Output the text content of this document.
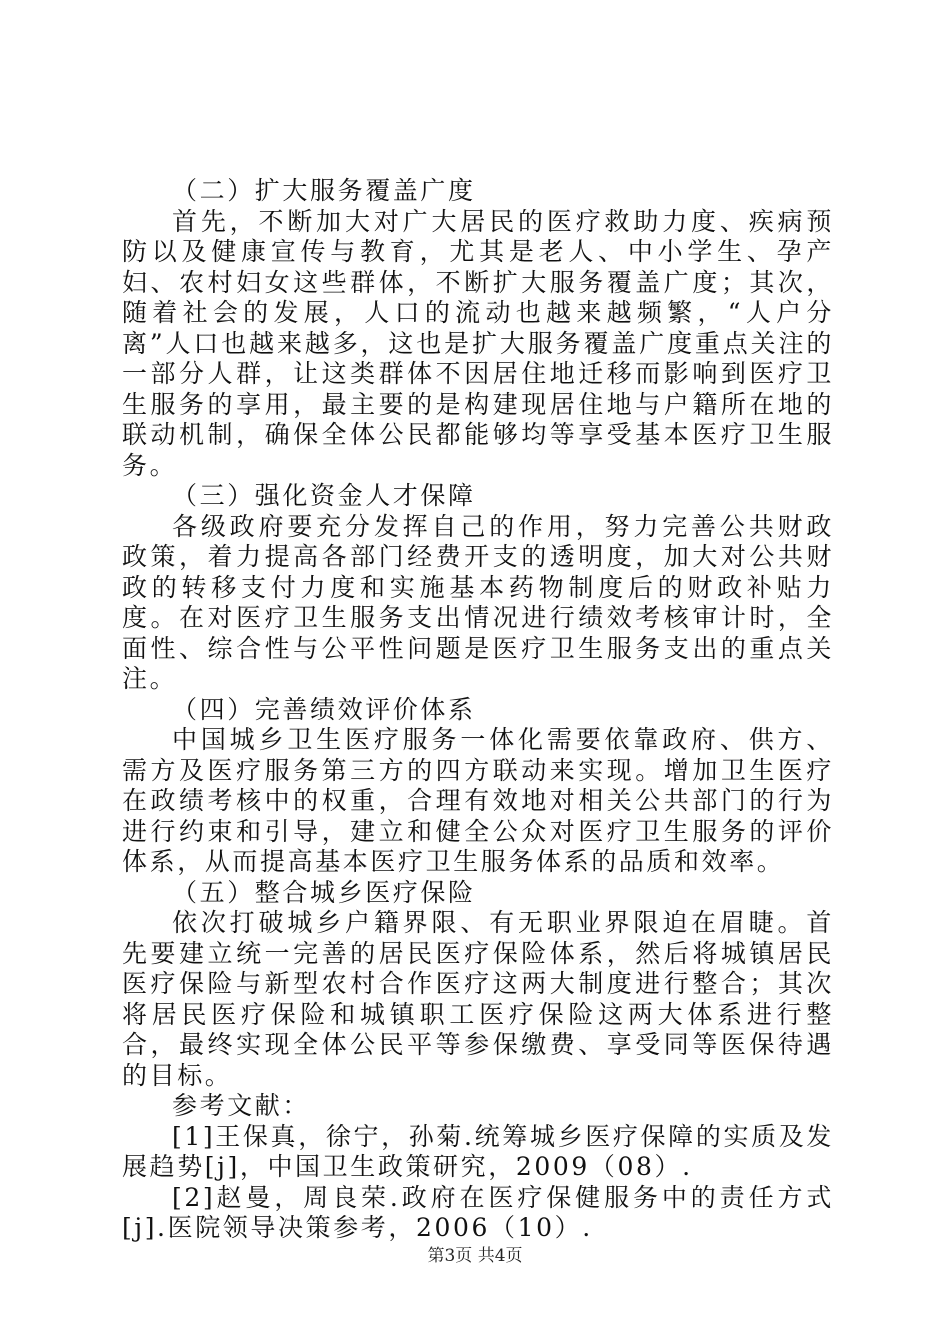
（二）扩大服务覆盖广度

首先，不断加大对广大居民的医疗救助力度、疾病预防以及健康宣传与教育，尤其是老人、中小学生、孕产妇、农村妇女这些群体，不断扩大服务覆盖广度；其次，随着社会的发展，人口的流动也越来越频繁，“人户分离”人口也越来越多，这也是扩大服务覆盖广度重点关注的一部分人群，让这类群体不因居住地迁移而影响到医疗卫生服务的享用，最主要的是构建现居住地与户籍所在地的联动机制，确保全体公民都能够均等享受基本医疗卫生服务。

（三）强化资金人才保障

各级政府要充分发挥自己的作用，努力完善公共财政政策，着力提高各部门经费开支的透明度，加大对公共财政的转移支付力度和实施基本药物制度后的财政补贴力度。在对医疗卫生服务支出情况进行绩效考核审计时，全面性、综合性与公平性问题是医疗卫生服务支出的重点关注。

（四）完善绩效评价体系

中国城乡卫生医疗服务一体化需要依靠政府、供方、需方及医疗服务第三方的四方联动来实现。增加卫生医疗在政绩考核中的权重，合理有效地对相关公共部门的行为进行约束和引导，建立和健全公众对医疗卫生服务的评价体系，从而提高基本医疗卫生服务体系的品质和效率。

（五）整合城乡医疗保险

依次打破城乡户籍界限、有无职业界限迫在眉睫。首先要建立统一完善的居民医疗保险体系，然后将城镇居民医疗保险与新型农村合作医疗这两大制度进行整合；其次将居民医疗保险和城镇职工医疗保险这两大体系进行整合，最终实现全体公民平等参保缴费、享受同等医保待遇的目标。

参考文献：

[1]王保真，徐宁，孙菊.统筹城乡医疗保障的实质及发展趋势[j]，中国卫生政策研究，2009（08）.

[2]赵曼，周良荣.政府在医疗保健服务中的责任方式[j].医院领导决策参考，2006（10）.

第3页 共4页
